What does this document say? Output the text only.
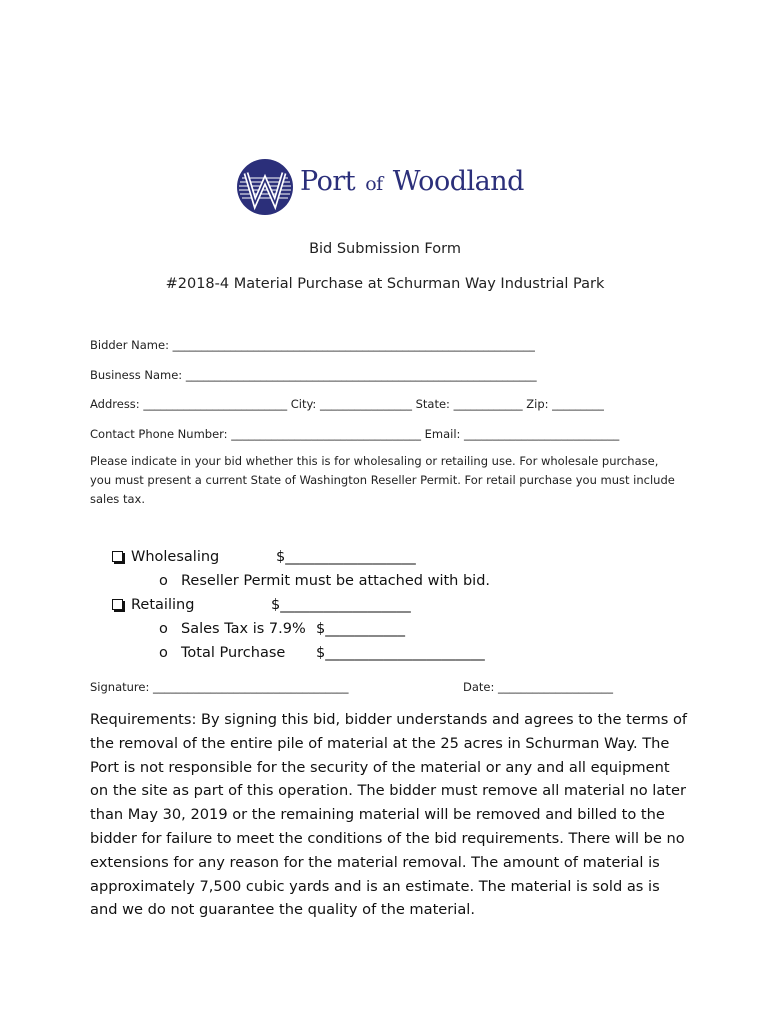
Port of Woodland
Bid Submission Form
#2018-4 Material Purchase at Schurman Way Industrial Park
Bidder Name: _______________________________________________________________
Business Name: _____________________________________________________________
Address: _________________________ City: ________________ State: ____________ Zip: _________
Contact Phone Number: _________________________________ Email: ___________________________
Please indicate in your bid whether this is for wholesaling or retailing use. For wholesale purchase, you must present a current State of Washington Reseller Permit. For retail purchase you must include sales tax.
Wholesaling	$__________________
o Reseller Permit must be attached with bid.
Retailing	$__________________
o Sales Tax is 7.9% $___________
o Total Purchase $______________________
Signature: __________________________________	Date: ____________________
Requirements: By signing this bid, bidder understands and agrees to the terms of the removal of the entire pile of material at the 25 acres in Schurman Way. The Port is not responsible for the security of the material or any and all equipment on the site as part of this operation. The bidder must remove all material no later than May 30, 2019 or the remaining material will be removed and billed to the bidder for failure to meet the conditions of the bid requirements. There will be no extensions for any reason for the material removal. The amount of material is approximately 7,500 cubic yards and is an estimate. The material is sold as is and we do not guarantee the quality of the material.
